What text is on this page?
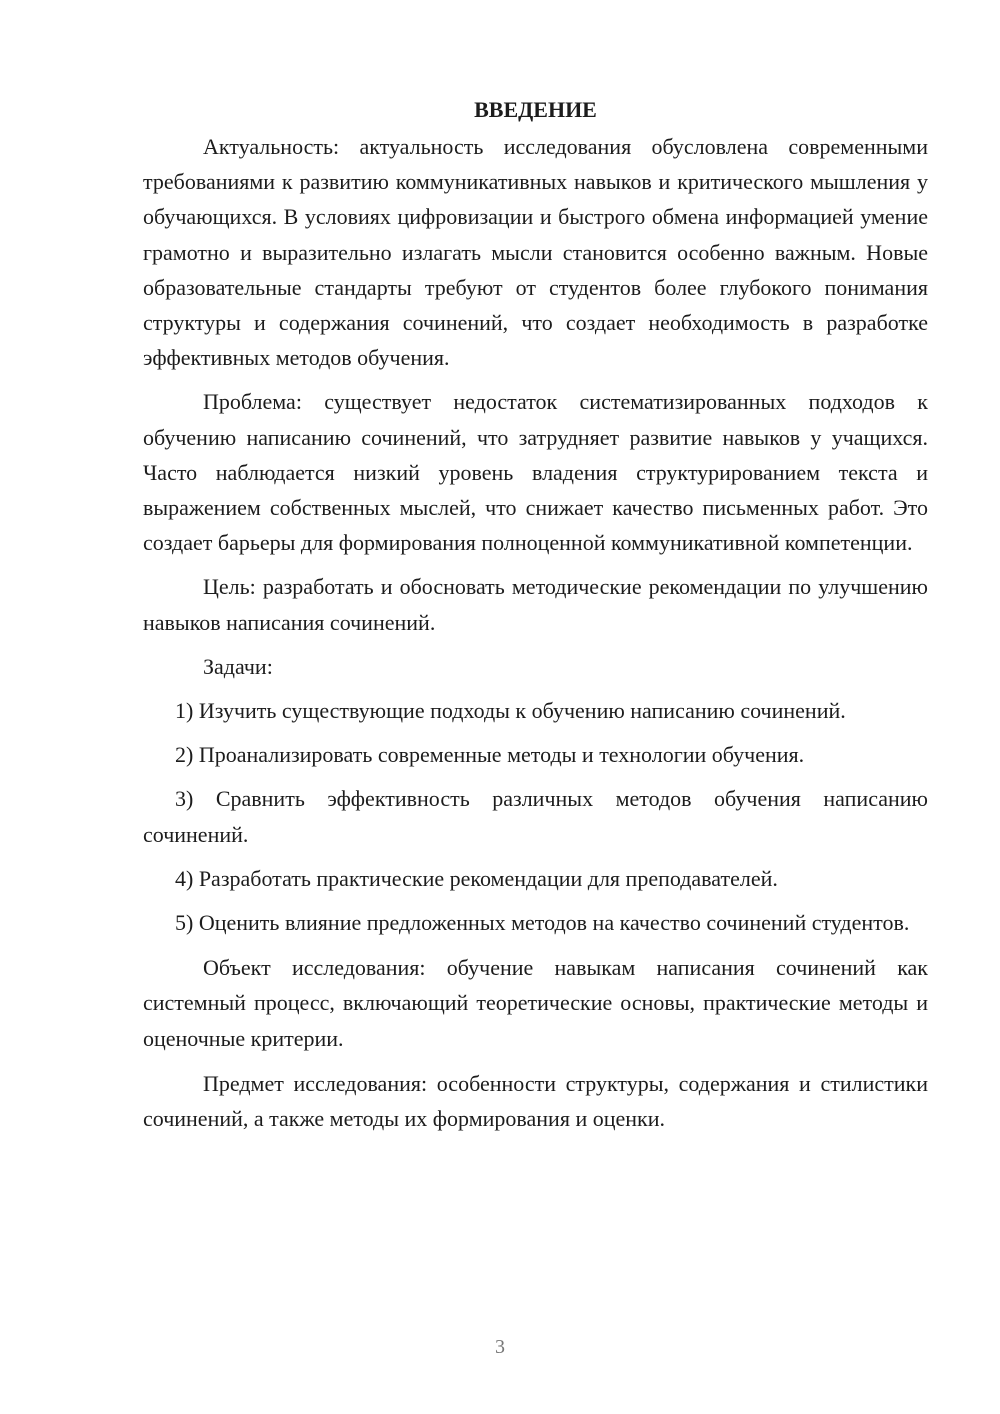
ВВЕДЕНИЕ

Актуальность: актуальность исследования обусловлена современными требованиями к развитию коммуникативных навыков и критического мышления у обучающихся. В условиях цифровизации и быстрого обмена информацией умение грамотно и выразительно излагать мысли становится особенно важным. Новые образовательные стандарты требуют от студентов более глубокого понимания структуры и содержания сочинений, что создает необходимость в разработке эффективных методов обучения.

Проблема: существует недостаток систематизированных подходов к обучению написанию сочинений, что затрудняет развитие навыков у учащихся. Часто наблюдается низкий уровень владения структурированием текста и выражением собственных мыслей, что снижает качество письменных работ. Это создает барьеры для формирования полноценной коммуникативной компетенции.

Цель: разработать и обосновать методические рекомендации по улучшению навыков написания сочинений.

Задачи:

1) Изучить существующие подходы к обучению написанию сочинений.

2) Проанализировать современные методы и технологии обучения.

3) Сравнить эффективность различных методов обучения написанию сочинений.

4) Разработать практические рекомендации для преподавателей.

5) Оценить влияние предложенных методов на качество сочинений студентов.

Объект исследования: обучение навыкам написания сочинений как системный процесс, включающий теоретические основы, практические методы и оценочные критерии.

Предмет исследования: особенности структуры, содержания и стилистики сочинений, а также методы их формирования и оценки.

3
